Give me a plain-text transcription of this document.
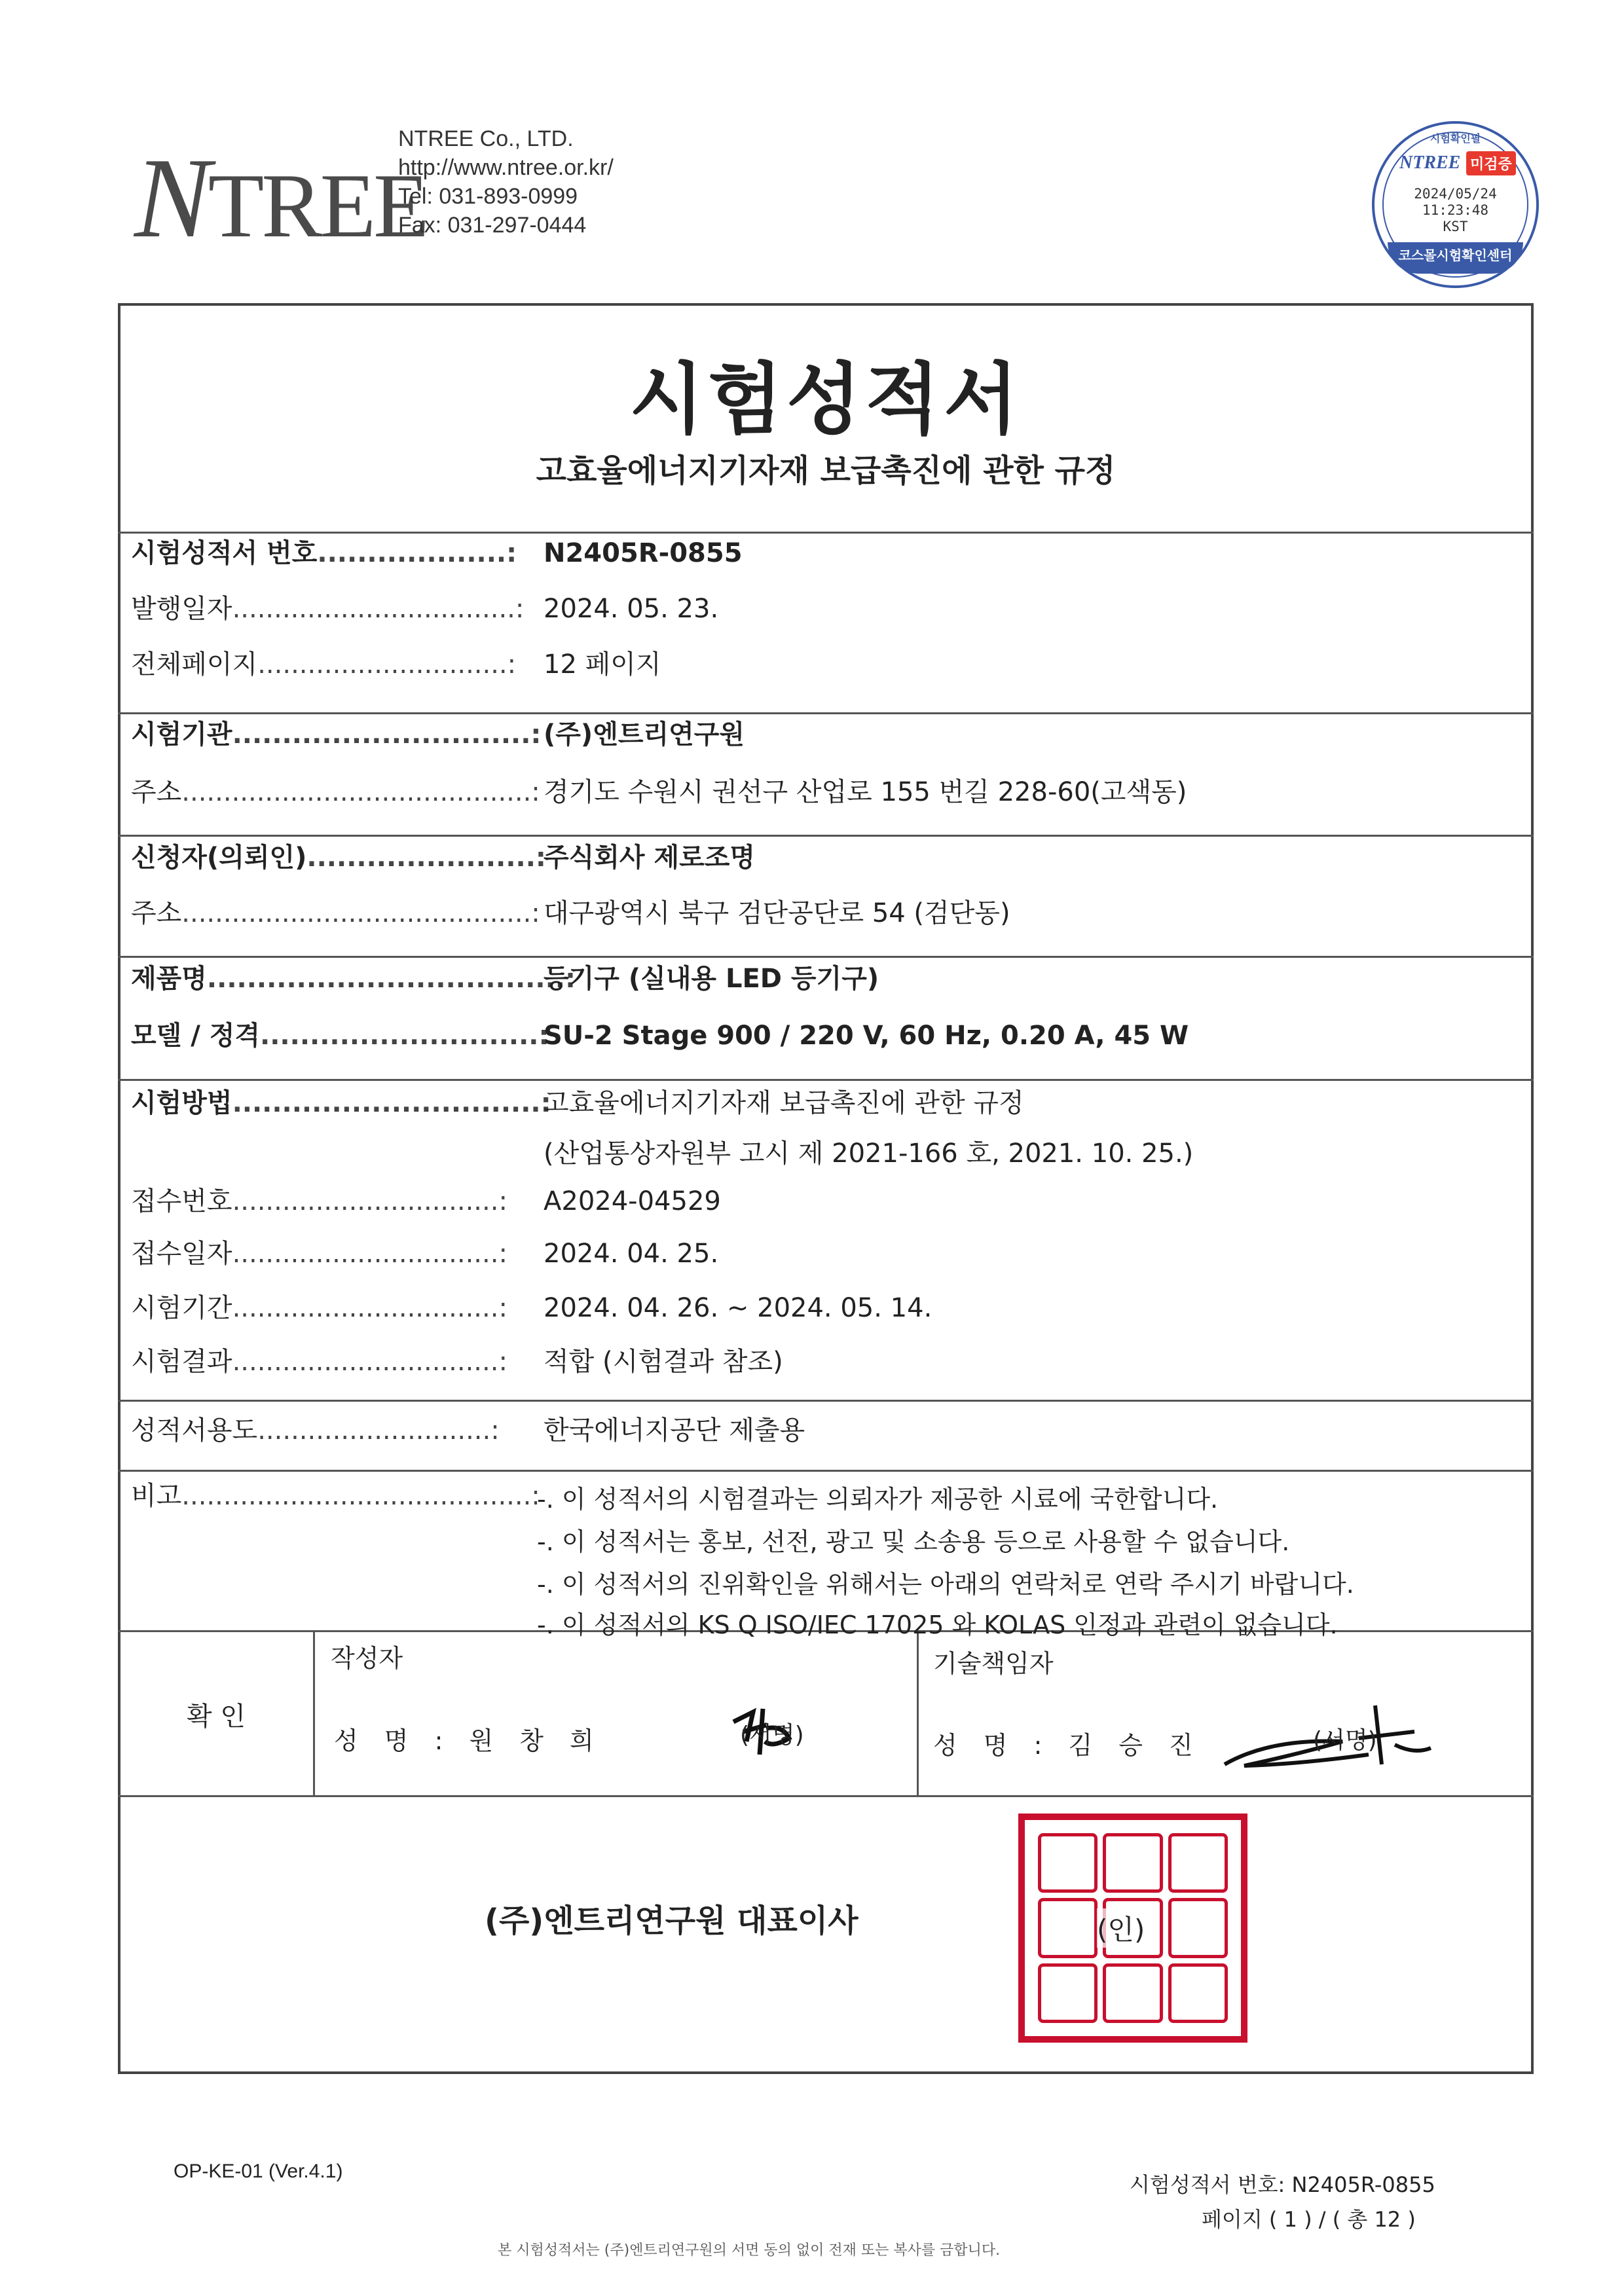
NTREE
NTREE Co., LTD.
http://www.ntree.or.kr/
Tel: 031-893-0999
Fax: 031-297-0444
시험확인필
NTREE 미검증
2024/05/24
11:23:48
KST
코스몰시험확인센터
시험성적서
고효율에너지기자재 보급촉진에 관한 규정
시험성적서 번호...................: N2405R-0855
발행일자..................................: 2024. 05. 23.
전체페이지..............................: 12 페이지
시험기관..............................: (주)엔트리연구원
주소..........................................: 경기도 수원시 권선구 산업로 155 번길 228-60(고색동)
신청자(의뢰인).......................:
주식회사 제로조명
주소..........................................: 대구광역시 북구 검단공단로 54 (검단동)
제품명....................................:
등기구 (실내용 LED 등기구)
모델 / 정격............................:
SU-2 Stage 900 / 220 V, 60 Hz, 0.20 A, 45 W
시험방법...............................:
고효율에너지기자재 보급촉진에 관한 규정
(산업통상자원부 고시 제 2021-166 호, 2021. 10. 25.)
접수번호................................:	A2024-04529
접수일자................................:	2024. 04. 25.
시험기간................................:	2024. 04. 26. ~ 2024. 05. 14.
시험결과................................:	적합 (시험결과 참조)
성적서용도............................:	한국에너지공단 제출용
비고..........................................:
-. 이 성적서의 시험결과는 의뢰자가 제공한 시료에 국한합니다.
-. 이 성적서는 홍보, 선전, 광고 및 소송용 등으로 사용할 수 없습니다.
-. 이 성적서의 진위확인을 위해서는 아래의 연락처로 연락 주시기 바랍니다.
-. 이 성적서의 KS Q ISO/IEC 17025 와 KOLAS 인정과 관련이 없습니다.
확 인
작성자
성 명 : 원 창 희	(서명)
기술책임자
성 명 : 김 승 진	(서명)
(주)엔트리연구원 대표이사	(인)
OP-KE-01 (Ver.4.1)
시험성적서 번호: N2405R-0855
페이지 ( 1 ) / ( 총 12 )
본 시험성적서는 (주)엔트리연구원의 서면 동의 없이 전재 또는 복사를 금합니다.
